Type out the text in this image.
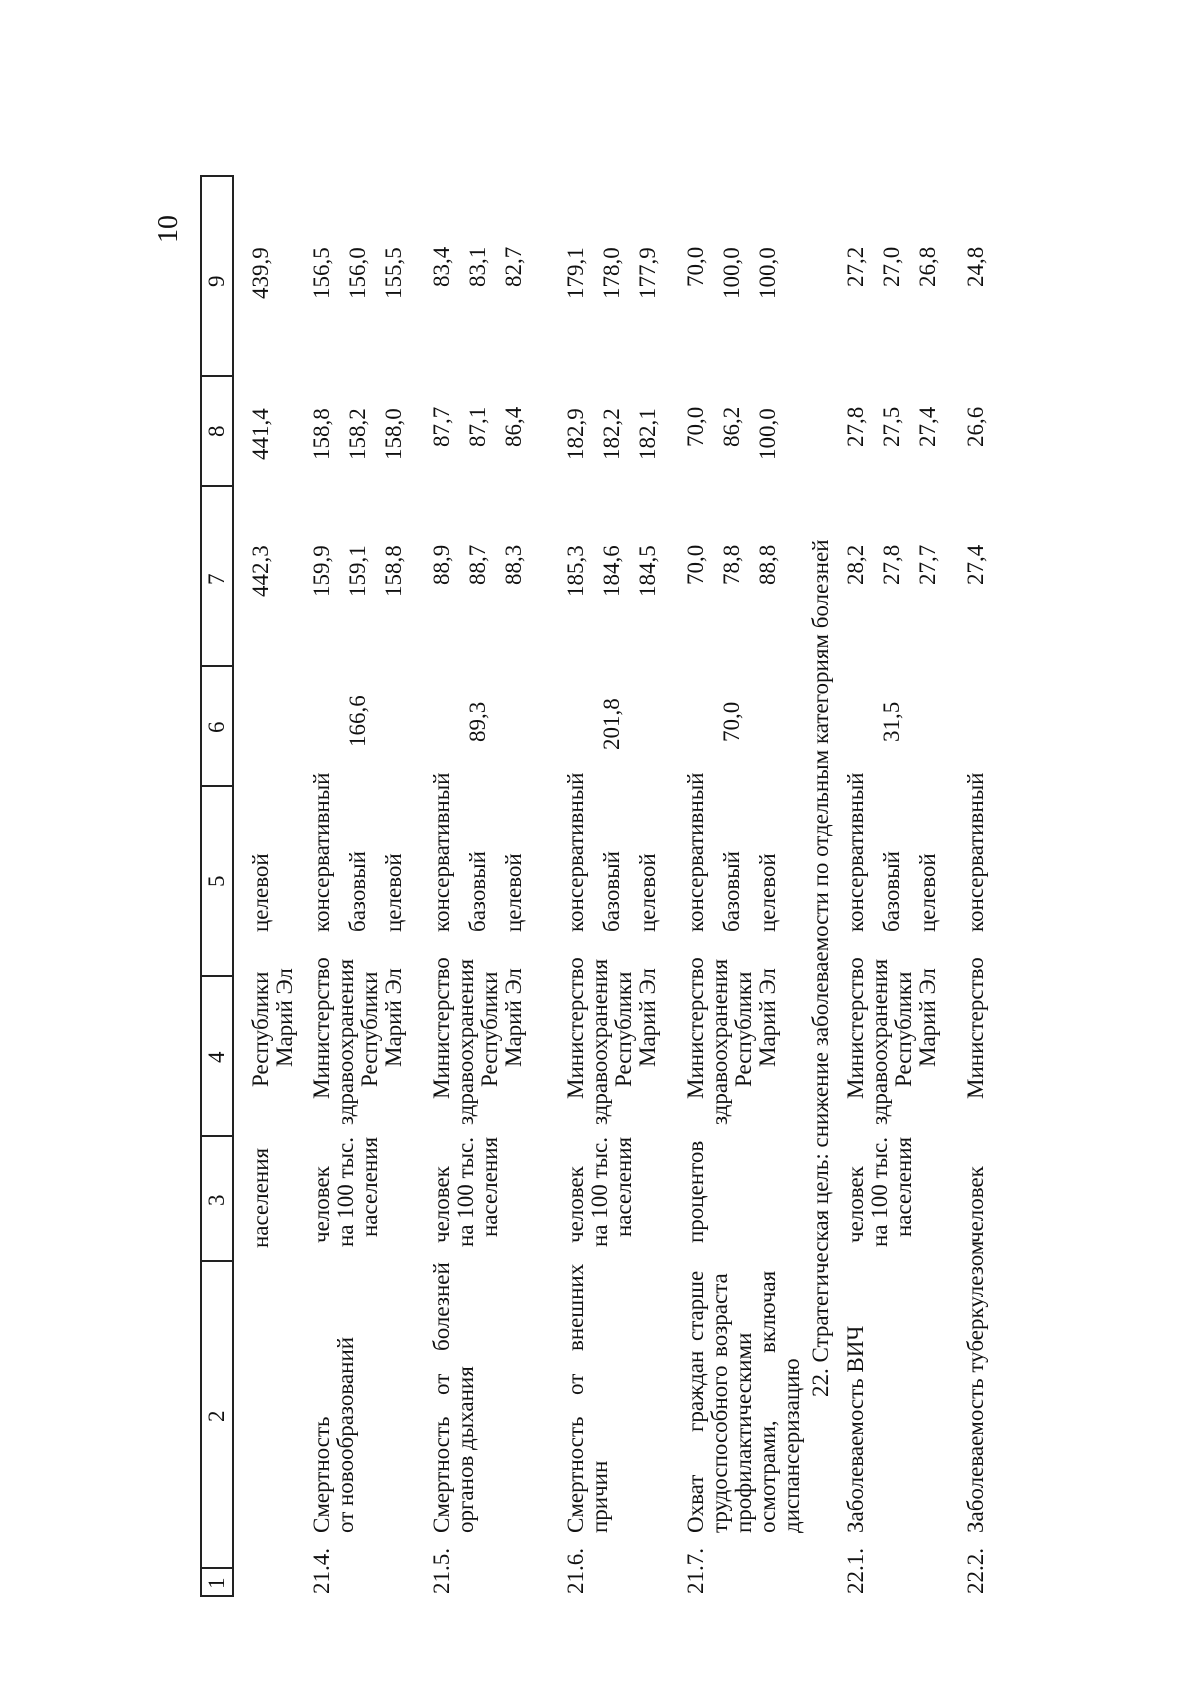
10
1
2
3
4
5
6
7
8
9
населения
Республики Марий Эл
целевой
442,3
441,4
439,9
21.4.
Смертность от новообразований
человек на 100 тыс. населения
Министерство здравоохранения Республики Марий Эл
консервативный базовый целевой
166,6
159,9 159,1 158,8
158,8 158,2 158,0
156,5 156,0 155,5
21.5.
Смертность
от
болезней
органов дыхания
человек на 100 тыс. населения
Министерство здравоохранения Республики Марий Эл
консервативный базовый целевой
89,3
88,9 88,7 88,3
87,7 87,1 86,4
83,4 83,1 82,7
21.6.
Смертность
от
внешних
причин
человек на 100 тыс. населения
Министерство здравоохранения Республики Марий Эл
консервативный базовый целевой
201,8
185,3 184,6 184,5
182,9 182,2 182,1
179,1 178,0 177,9
21.7.
Охват
граждан
старше
трудоспособного
возраста
профилактическими осмотрами,
включая
диспансеризацию
процентов
Министерство здравоохранения Республики Марий Эл
консервативный базовый целевой
70,0
70,0 78,8 88,8
70,0 86,2 100,0
70,0 100,0 100,0
22. Стратегическая цель: снижение заболеваемости по отдельным категориям болезней
22.1.
Заболеваемость ВИЧ
человек на 100 тыс. населения
Министерство здравоохранения Республики Марий Эл
консервативный базовый целевой
31,5
28,2 27,8 27,7
27,8 27,5 27,4
27,2 27,0 26,8
22.2.
Заболеваемость туберкулезом
человек
Министерство
консервативный
27,4
26,6
24,8
